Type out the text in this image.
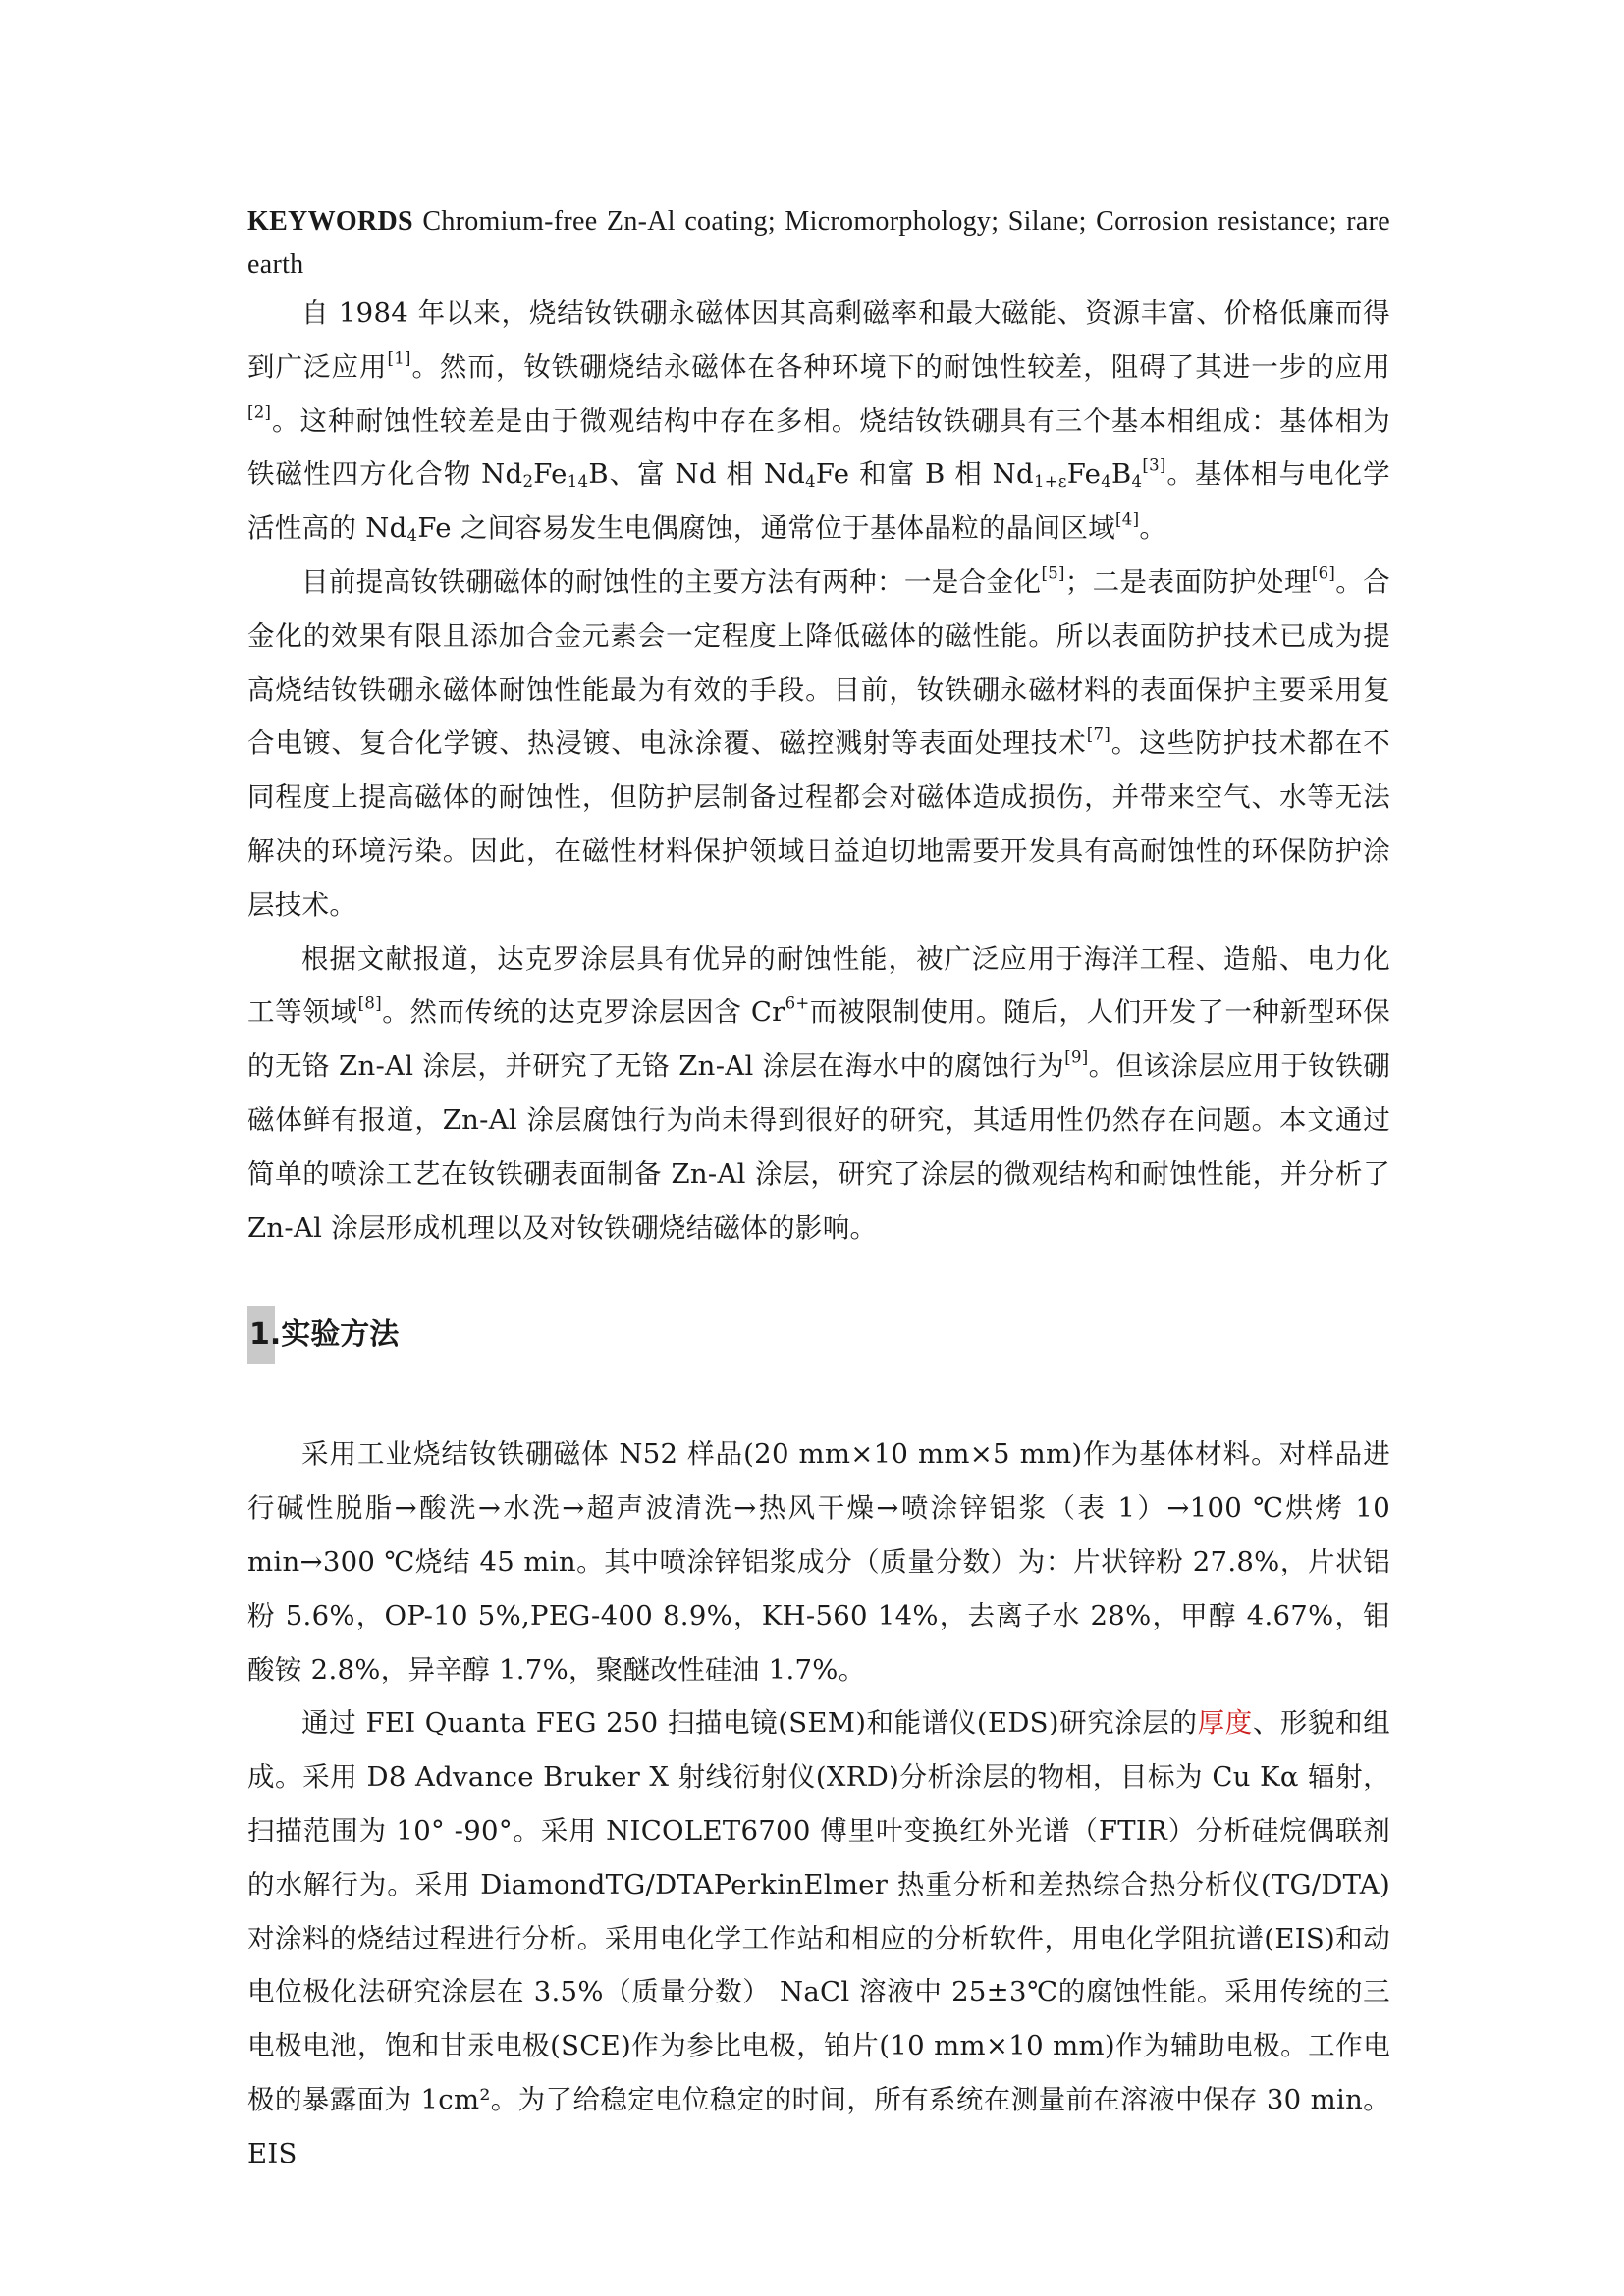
KEYWORDS Chromium-free Zn-Al coating; Micromorphology; Silane; Corrosion resistance; rare earth

自 1984 年以来，烧结钕铁硼永磁体因其高剩磁率和最大磁能、资源丰富、价格低廉而得到广泛应用[1]。然而，钕铁硼烧结永磁体在各种环境下的耐蚀性较差，阻碍了其进一步的应用[2]。这种耐蚀性较差是由于微观结构中存在多相。烧结钕铁硼具有三个基本相组成：基体相为铁磁性四方化合物 $Nd_2Fe_{14}B$、富 Nd 相 $Nd_4Fe$ 和富 B 相 $Nd_{1+\varepsilon}Fe_4B_4[3]$。基体相与电化学活性高的 $Nd_4Fe$ 之间容易发生电偶腐蚀，通常位于基体晶粒的晶间区域[4]。

目前提高钕铁硼磁体的耐蚀性的主要方法有两种：一是合金化[5]；二是表面防护处理[6]。合金化的效果有限且添加合金元素会一定程度上降低磁体的磁性能。所以表面防护技术已成为提高烧结钕铁硼永磁体耐蚀性能最为有效的手段。目前，钕铁硼永磁材料的表面保护主要采用复合电镀、复合化学镀、热浸镀、电泳涂覆、磁控溅射等表面处理技术[7]。这些防护技术都在不同程度上提高磁体的耐蚀性，但防护层制备过程都会对磁体造成损伤，并带来空气、水等无法解决的环境污染。因此，在磁性材料保护领域日益迫切地需要开发具有高耐蚀性的环保防护涂层技术。

根据文献报道，达克罗涂层具有优异的耐蚀性能，被广泛应用于海洋工程、造船、电力化工等领域[8]。然而传统的达克罗涂层因含 $Cr^{6+}$而被限制使用。随后，人们开发了一种新型环保的无铬 Zn-Al 涂层，并研究了无铬 Zn-Al 涂层在海水中的腐蚀行为[9]。但该涂层应用于钕铁硼磁体鲜有报道，Zn-Al 涂层腐蚀行为尚未得到很好的研究，其适用性仍然存在问题。本文通过简单的喷涂工艺在钕铁硼表面制备 Zn-Al 涂层，研究了涂层的微观结构和耐蚀性能，并分析了 Zn-Al 涂层形成机理以及对钕铁硼烧结磁体的影响。

1.实验方法

采用工业烧结钕铁硼磁体 N52 样品(20 mm×10 mm×5 mm)作为基体材料。对样品进行碱性脱脂→酸洗→水洗→超声波清洗→热风干燥→喷涂锌铝浆（表 1）→100 ℃烘烤 10 min→300 ℃烧结 45 min。其中喷涂锌铝浆成分（质量分数）为：片状锌粉 27.8%，片状铝粉 5.6%，OP-10 5%,PEG-400 8.9%，KH-560 14%，去离子水 28%，甲醇 4.67%，钼酸铵 2.8%，异辛醇 1.7%，聚醚改性硅油 1.7%。

通过 FEI Quanta FEG 250 扫描电镜(SEM)和能谱仪(EDS)研究涂层的厚度、形貌和组成。采用 D8 Advance Bruker X 射线衍射仪(XRD)分析涂层的物相，目标为 Cu Kα 辐射，扫描范围为 10° -90°。采用 NICOLET6700 傅里叶变换红外光谱（FTIR）分析硅烷偶联剂的水解行为。采用 DiamondTG/DTAPerkinElmer 热重分析和差热综合热分析仪(TG/DTA)对涂料的烧结过程进行分析。采用电化学工作站和相应的分析软件，用电化学阻抗谱(EIS)和动电位极化法研究涂层在 3.5%（质量分数） NaCl 溶液中 25±3℃的腐蚀性能。采用传统的三电极电池，饱和甘汞电极(SCE)作为参比电极，铂片(10 mm×10 mm)作为辅助电极。工作电极的暴露面为 1cm²。为了给稳定电位稳定的时间，所有系统在测量前在溶液中保存 30 min。EIS
